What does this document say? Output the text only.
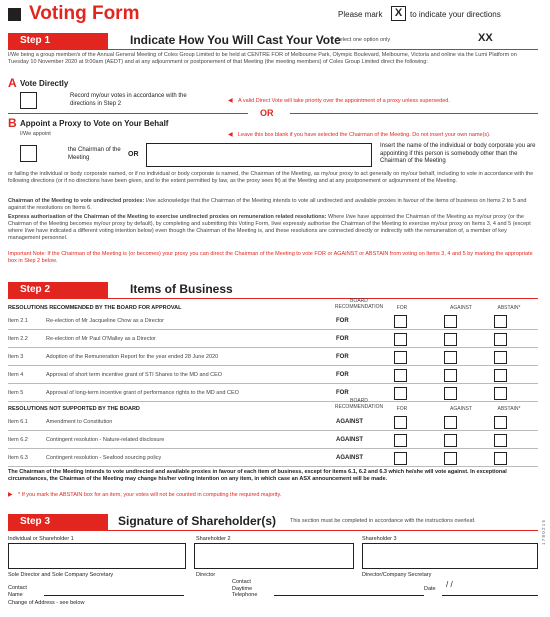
Voting Form	Please mark	X to indicate your directions
XX
Step 1	Indicate How You Will Cast Your Vote
Select one option only
I/We being a group member/s of the Annual General Meeting of Coles Group Limited to be held at CENTRE FOR of Melbourne Park, Olympic Boulevard, Melbourne, Victoria and online via the Lumi Platform on Tuesday 10 November 2020 at 9:00am (AEDT) and at any adjournment or postponement of that Meeting (the meeting members) of Coles Group Limited direct the following:
A Vote Directly
Record my/our votes in accordance with the directions in Step 2	◀ A valid Direct Vote will take priority over the appointment of a proxy unless superseded.
OR
B Appoint a Proxy to Vote on Your Behalf
I/We appoint	◀ Leave this box blank if you have selected the Chairman of the Meeting. Do not insert your own name(s).
the Chairman of the Meeting	OR
Insert the name of the individual or body corporate you are appointing if this person is somebody other than the Chairman of the Meeting
or failing the individual or body corporate named, or if no individual or body corporate is named, the Chairman of the Meeting, as my/our proxy to act generally on my/our behalf, including to vote in accordance with the following directions (or if no directions have been given, and to the extent permitted by law, as the proxy sees fit) at the Meeting and at any postponement or adjournment of the Meeting.
Chairman of the Meeting to vote undirected proxies: I/we acknowledge that the Chairman of the Meeting intends to vote all undirected and available proxies in favour of the items of business on Items 2 to 5 and against the resolutions on Items 6.
Express authorisation of the Chairman of the Meeting to exercise undirected proxies on remuneration related resolutions: Where I/we have appointed the Chairman of the Meeting as my/our proxy (or the Chairman of the Meeting becomes my/our proxy by default), by completing and submitting this Voting Form, I/we expressly authorise the Chairman of the Meeting to exercise my/our proxy on Items 3, 4 and 5 (except where I/we have indicated a different voting intention below) even though the Chairman of the Meeting is, and these resolutions are connected directly or indirectly with the remuneration of, a member of key management personnel.
Important Note: If the Chairman of the Meeting is (or becomes) your proxy you can direct the Chairman of the Meeting to vote FOR or AGAINST or ABSTAIN from voting on Items 3, 4 and 5 by marking the appropriate box in Step 2 below.
Step 2	Items of Business
RESOLUTIONS RECOMMENDED BY THE BOARD FOR APPROVAL
BOARD RECOMMENDATION	FOR	AGAINST	ABSTAIN*
Item 2.1	Re-election of Mr Jacqueline Chow as a Director	FOR
Item 2.2	Re-election of Mr Paul O'Malley as a Director	FOR
Item 3	Adoption of the Remuneration Report for the year ended 28 June 2020	FOR
Item 4	Approval of short term incentive grant of STI Shares to the MD and CEO	FOR
Item 5	Approval of long-term incentive grant of performance rights to the MD and CEO	FOR
RESOLUTIONS NOT SUPPORTED BY THE BOARD
BOARD RECOMMENDATION	FOR	AGAINST	ABSTAIN*
Item 6.1	Amendment to Constitution	AGAINST
Item 6.2	Contingent resolution - Nature-related disclosure	AGAINST
Item 6.3	Contingent resolution - Seafood sourcing policy	AGAINST
The Chairman of the Meeting intends to vote undirected and available proxies in favour of each item of business, except for items 6.1, 6.2 and 6.3 which he/she will vote against. In exceptional circumstances, the Chairman of the Meeting may change his/her voting intention on any item, in which case an ASX announcement will be made.
▶ * If you mark the ABSTAIN box for an item, your votes will not be counted in computing the required majority.
Step 3	Signature of Shareholder(s)	This section must be completed in accordance with the instructions overleaf.
Individual or Shareholder 1	Shareholder 2	Shareholder 3
Sole Director and Sole Company Secretary	Director	Director/Company Secretary
Contact Name
Contact Daytime Telephone
Date / /
Change of Address - see below
1 7 8 0 2 1 5
